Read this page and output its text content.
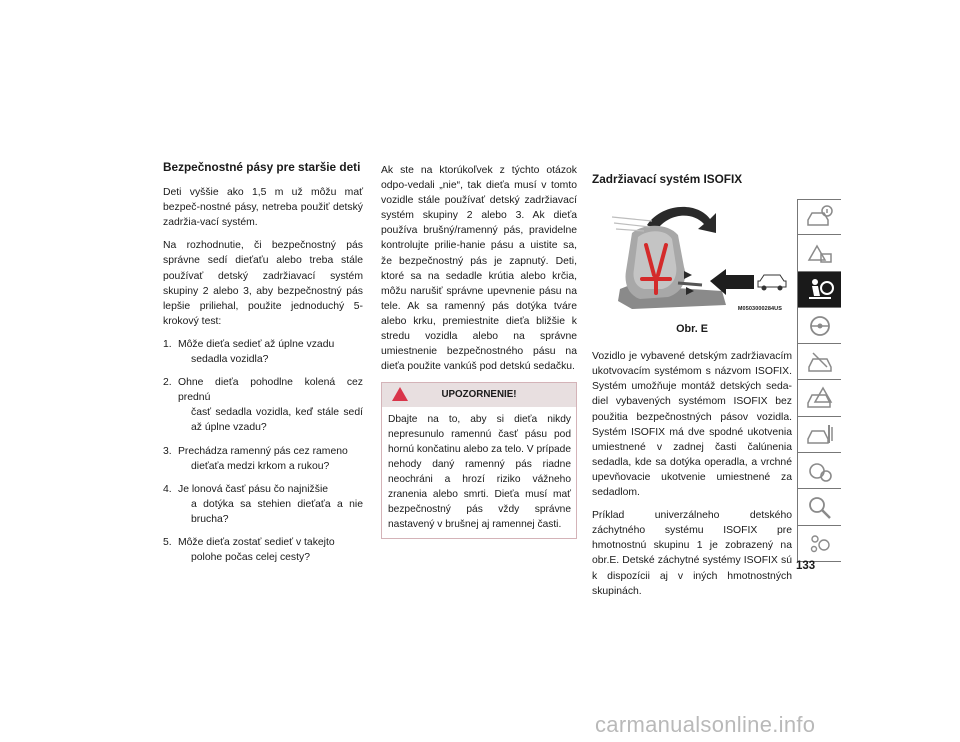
Bezpečnostné pásy pre staršie deti

Deti vyššie ako 1,5 m už môžu mať bezpeč-nostné pásy, netreba použiť detský zadržia-vací systém.

Na rozhodnutie, či bezpečnostný pás správne sedí dieťaťu alebo treba stále používať detský zadržiavací systém skupiny 2 alebo 3, aby bezpečnostný pás lepšie priliehal, použite jednoduchý 5-krokový test:

1. Môže dieťa sedieť až úplne vzadu
sedadla vozidla?
2. Ohne dieťa pohodlne kolená cez prednú
časť sedadla vozidla, keď stále sedí až úplne vzadu?
3. Prechádza ramenný pás cez rameno
dieťaťa medzi krkom a rukou?
4. Je lonová časť pásu čo najnižšie
a dotýka sa stehien dieťaťa a nie brucha?
5. Môže dieťa zostať sedieť v takejto
polohe počas celej cesty?

Ak ste na ktorúkoľvek z týchto otázok odpo-vedali „nie“, tak dieťa musí v tomto vozidle stále používať detský zadržiavací systém skupiny 2 alebo 3. Ak dieťa používa brušný/ramenný pás, pravidelne kontrolujte prilie-hanie pásu a uistite sa, že bezpečnostný pás je zapnutý. Deti, ktoré sa na sedadle krútia alebo krčia, môžu narušiť správne upevnenie pásu na tele. Ak sa ramenný pás dotýka tváre alebo krku, premiestnite dieťa bližšie k stredu vozidla alebo na správne umiestnenie bezpečnostného pásu na dieťa použite vankúš pod detskú sedačku.

UPOZORNENIE!
Dbajte na to, aby si dieťa nikdy nepresunulo ramennú časť pásu pod hornú končatinu alebo za telo. V prípade nehody daný ramenný pás riadne neochráni a hrozí riziko vážneho zranenia alebo smrti. Dieťa musí mať bezpečnostný pás vždy správne nastavený v brušnej aj ramennej časti.
Zadržiavací systém ISOFIX
M0503000284US
Obr. E

Vozidlo je vybavené detským zadržiavacím ukotvovacím systémom s názvom ISOFIX. Systém umožňuje montáž detských seda-diel vybavených systémom ISOFIX bez použitia bezpečnostných pásov vozidla. Systém ISOFIX má dve spodné ukotvenia umiestnené v zadnej časti čalúnenia sedadla, kde sa dotýka operadla, a vrchné upevňovacie ukotvenie umiestnené za sedadlom.

Príklad univerzálneho detského záchytného systému ISOFIX pre hmotnostnú skupinu 1 je zobrazený na obr.E. Detské záchytné systémy ISOFIX sú k dispozícii aj v iných hmotnostných skupinách.

133
carmanualsonline.info
